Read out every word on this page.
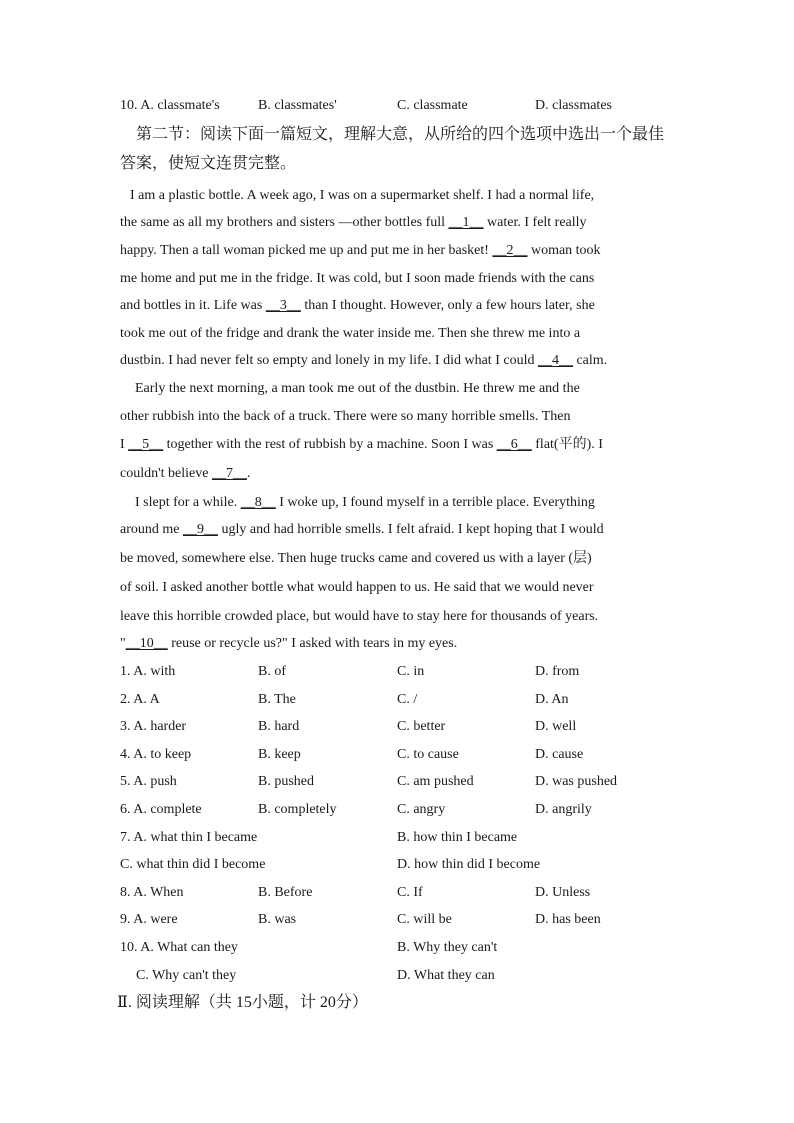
10. A. classmate's	B. classmates'	C. classmate	D. classmates
第二节：阅读下面一篇短文，理解大意，从所给的四个选项中选出一个最佳
答案，使短文连贯完整。
I am a plastic bottle. A week ago, I was on a supermarket shelf. I had a normal life,
the same as all my brothers and sisters —other bottles full __1__ water. I felt really
happy. Then a tall woman picked me up and put me in her basket! __2__ woman took
me home and put me in the fridge. It was cold, but I soon made friends with the cans
and bottles in it. Life was __3__ than I thought. However, only a few hours later, she
took me out of the fridge and drank the water inside me. Then she threw me into a
dustbin. I had never felt so empty and lonely in my life. I did what I could __4__ calm.
Early the next morning, a man took me out of the dustbin. He threw me and the
other rubbish into the back of a truck. There were so many horrible smells. Then
I __5__ together with the rest of rubbish by a machine. Soon I was __6__ flat(平的). I
couldn't believe __7__.
I slept for a while. __8__ I woke up, I found myself in a terrible place. Everything
around me __9__ ugly and had horrible smells. I felt afraid. I kept hoping that I would
be moved, somewhere else. Then huge trucks came and covered us with a layer (层)
of soil. I asked another bottle what would happen to us. He said that we would never
leave this horrible crowded place, but would have to stay here for thousands of years.
"__10__ reuse or recycle us?" I asked with tears in my eyes.
1. A. with	B. of	C. in	D. from
2. A. A	B. The	C. /	D. An
3. A. harder	B. hard	C. better	D. well
4. A. to keep	B. keep	C. to cause	D. cause
5. A. push	B. pushed	C. am pushed	D. was pushed
6. A. complete	B. completely	C. angry	D. angrily
7. A. what thin I became	B. how thin I became
C. what thin did I become	D. how thin did I become
8. A. When	B. Before	C. If	D. Unless
9. A. were	B. was	C. will be	D. has been
10. A. What can they	B. Why they can't
C. Why can't they	D. What they can
Ⅱ. 阅读理解（共 15小题，计 20分）
